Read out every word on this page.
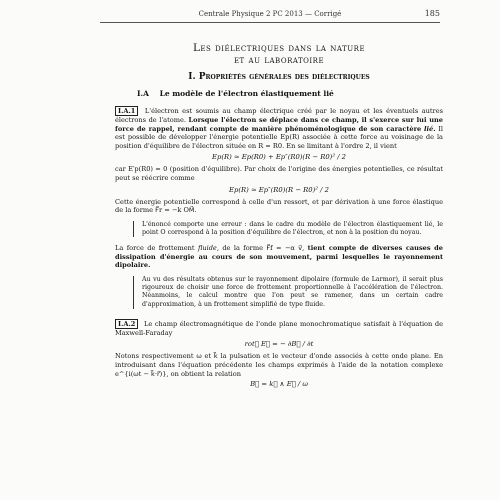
Centrale Physique 2 PC 2013 — Corrigé	185
Les diélectriques dans la nature
et au laboratoire
I. Propriétés générales des diélectriques
I.A Le modèle de l'électron élastiquement lié

I.A.1 L'électron est soumis au champ électrique créé par le noyau et les éventuels autres électrons de l'atome. Lorsque l'électron se déplace dans ce champ, il s'exerce sur lui une force de rappel, rendant compte de manière phénoménologique de son caractère lié. Il est possible de développer l'énergie potentielle Ep(R) associée à cette force au voisinage de la position d'équilibre de l'électron située en R = R0. En se limitant à l'ordre 2, il vient

Ep(R) ≃ Ep(R0) + Ep″(R0)(R − R0)² / 2

car E′p(R0) = 0 (position d'équilibre). Par choix de l'origine des énergies potentielles, ce résultat peut se réécrire comme

Ep(R) ≃ Ep″(R0)(R − R0)² / 2

Cette énergie potentielle correspond à celle d'un ressort, et par dérivation à une force élastique de la forme F⃗r = −k OM⃗.

L'énoncé comporte une erreur : dans le cadre du modèle de l'électron élastiquement lié, le point O correspond à la position d'équilibre de l'électron, et non à la position du noyau.

La force de frottement fluide, de la forme F⃗f = −α v⃗, tient compte de diverses causes de dissipation d'énergie au cours de son mouvement, parmi lesquelles le rayonnement dipolaire.

Au vu des résultats obtenus sur le rayonnement dipolaire (formule de Larmor), il serait plus rigoureux de choisir une force de frottement proportionnelle à l'accélération de l'électron. Néanmoins, le calcul montre que l'on peut se ramener, dans un certain cadre d'approximation, à un frottement simplifié de type fluide.

I.A.2 Le champ électromagnétique de l'onde plane monochromatique satisfait à l'équation de Maxwell-Faraday

rot⃗ E⃗ = − ∂B⃗ / ∂t

Notons respectivement ω et k⃗ la pulsation et le vecteur d'onde associés à cette onde plane. En introduisant dans l'équation précédente les champs exprimés à l'aide de la notation complexe e^{i(ωt − k⃗·r⃗)}, on obtient la relation

B⃗ = k⃗ ∧ E⃗ / ω
